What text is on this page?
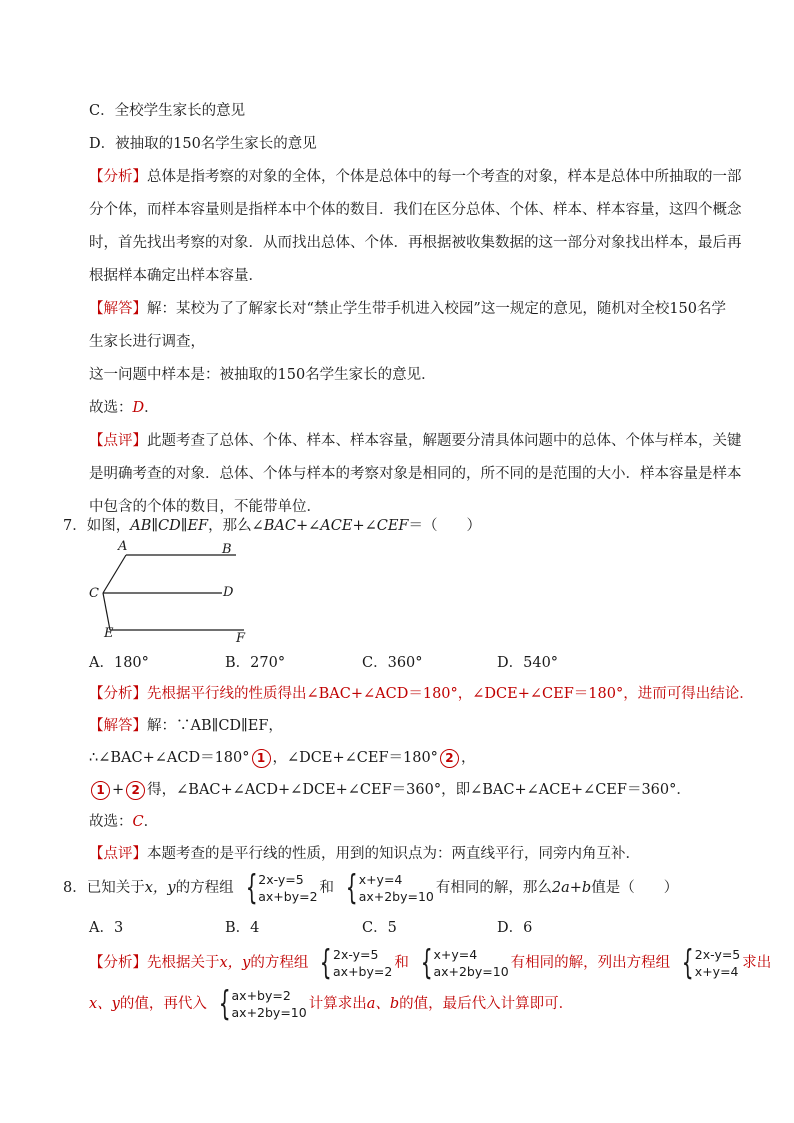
C．全校学生家长的意见
D．被抽取的150名学生家长的意见
【分析】总体是指考察的对象的全体，个体是总体中的每一个考查的对象，样本是总体中所抽取的一部
分个体，而样本容量则是指样本中个体的数目．我们在区分总体、个体、样本、样本容量，这四个概念
时，首先找出考察的对象．从而找出总体、个体．再根据被收集数据的这一部分对象找出样本，最后再
根据样本确定出样本容量．
【解答】解：某校为了了解家长对“禁止学生带手机进入校园”这一规定的意见，随机对全校150名学
生家长进行调查，
这一问题中样本是：被抽取的150名学生家长的意见．
故选：D．
【点评】此题考查了总体、个体、样本、样本容量，解题要分清具体问题中的总体、个体与样本，关键
是明确考查的对象．总体、个体与样本的考察对象是相同的，所不同的是范围的大小．样本容量是样本
中包含的个体的数目，不能带单位．
7．如图，AB∥CD∥EF，那么∠BAC+∠ACE+∠CEF＝（　　）
A	B
C	D
E	F
A．180°	B．270°	C．360°	D．540°
【分析】先根据平行线的性质得出∠BAC+∠ACD＝180°，∠DCE+∠CEF＝180°，进而可得出结论．
【解答】解：∵AB∥CD∥EF，
∴∠BAC+∠ACD＝180° 1 ，∠DCE+∠CEF＝180° 2 ，
1 + 2 得，∠BAC+∠ACD+∠DCE+∠CEF＝360°，即∠BAC+∠ACE+∠CEF＝360°．
故选：C．
【点评】本题考查的是平行线的性质，用到的知识点为：两直线平行，同旁内角互补．
8．已知关于x，y的方程组 { 2x-y=5
ax+by=2
和 { x+y=4
ax+2by=10
有相同的解，那么2a+b值是（　　）
A．3	B．4	C．5	D．6
【分析】先根据关于x，y的方程组 { 2x-y=5
ax+by=2
和 { x+y=4
ax+2by=10
有相同的解，列出方程组 { 2x-y=5
x+y=4
求出
x、y的值，再代入 { ax+by=2
ax+2by=10
计算求出a、b的值，最后代入计算即可．
